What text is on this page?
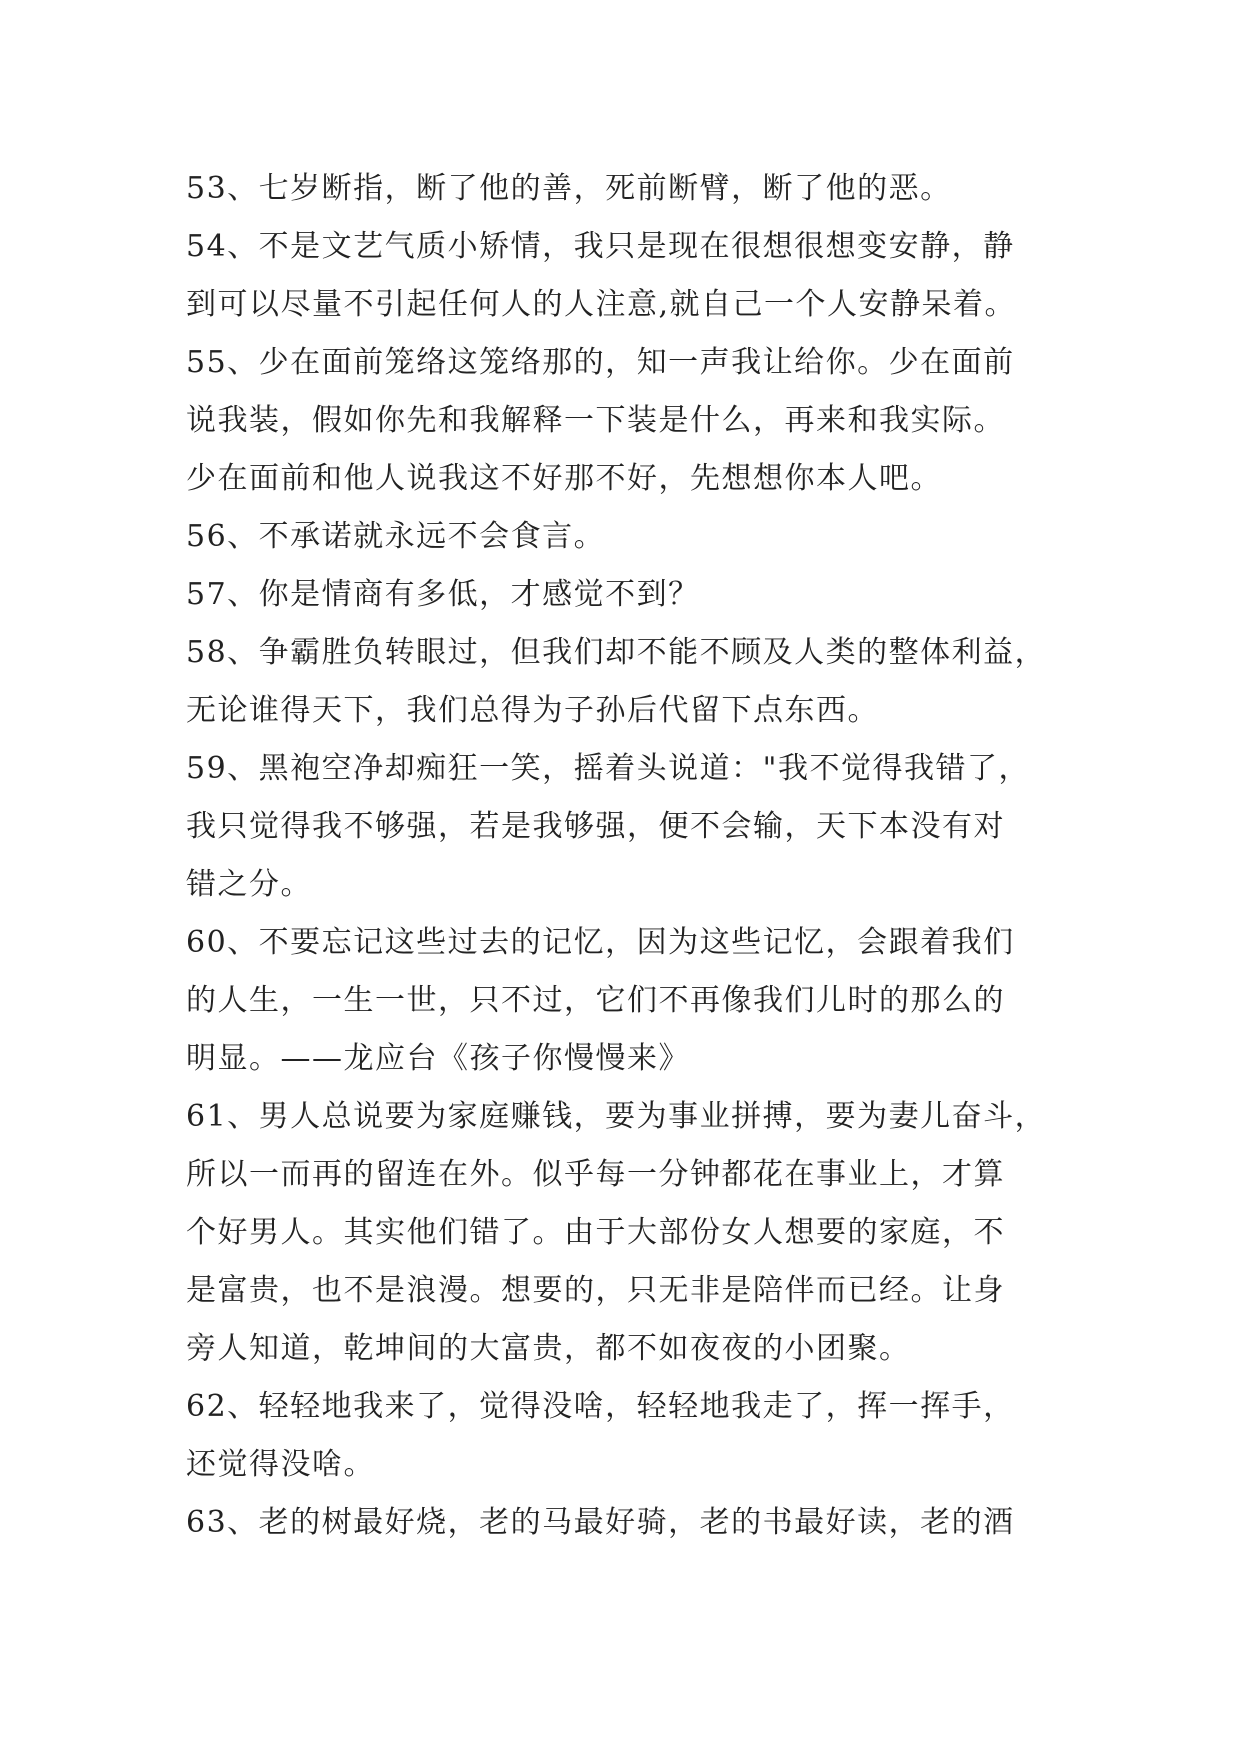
53、七岁断指，断了他的善，死前断臂，断了他的恶。
54、不是文艺气质小矫情，我只是现在很想很想变安静，静
到可以尽量不引起任何人的人注意,就自己一个人安静呆着。
55、少在面前笼络这笼络那的，知一声我让给你。少在面前
说我装，假如你先和我解释一下装是什么，再来和我实际。
少在面前和他人说我这不好那不好，先想想你本人吧。
56、不承诺就永远不会食言。
57、你是情商有多低，才感觉不到？
58、争霸胜负转眼过，但我们却不能不顾及人类的整体利益，
无论谁得天下，我们总得为子孙后代留下点东西。
59、黑袍空净却痴狂一笑，摇着头说道："我不觉得我错了，
我只觉得我不够强，若是我够强，便不会输，天下本没有对
错之分。
60、不要忘记这些过去的记忆，因为这些记忆，会跟着我们
的人生，一生一世，只不过，它们不再像我们儿时的那么的
明显。——龙应台《孩子你慢慢来》
61、男人总说要为家庭赚钱，要为事业拼搏，要为妻儿奋斗，
所以一而再的留连在外。似乎每一分钟都花在事业上，才算
个好男人。其实他们错了。由于大部份女人想要的家庭，不
是富贵，也不是浪漫。想要的，只无非是陪伴而已经。让身
旁人知道，乾坤间的大富贵，都不如夜夜的小团聚。
62、轻轻地我来了，觉得没啥，轻轻地我走了，挥一挥手，
还觉得没啥。
63、老的树最好烧，老的马最好骑，老的书最好读，老的酒
